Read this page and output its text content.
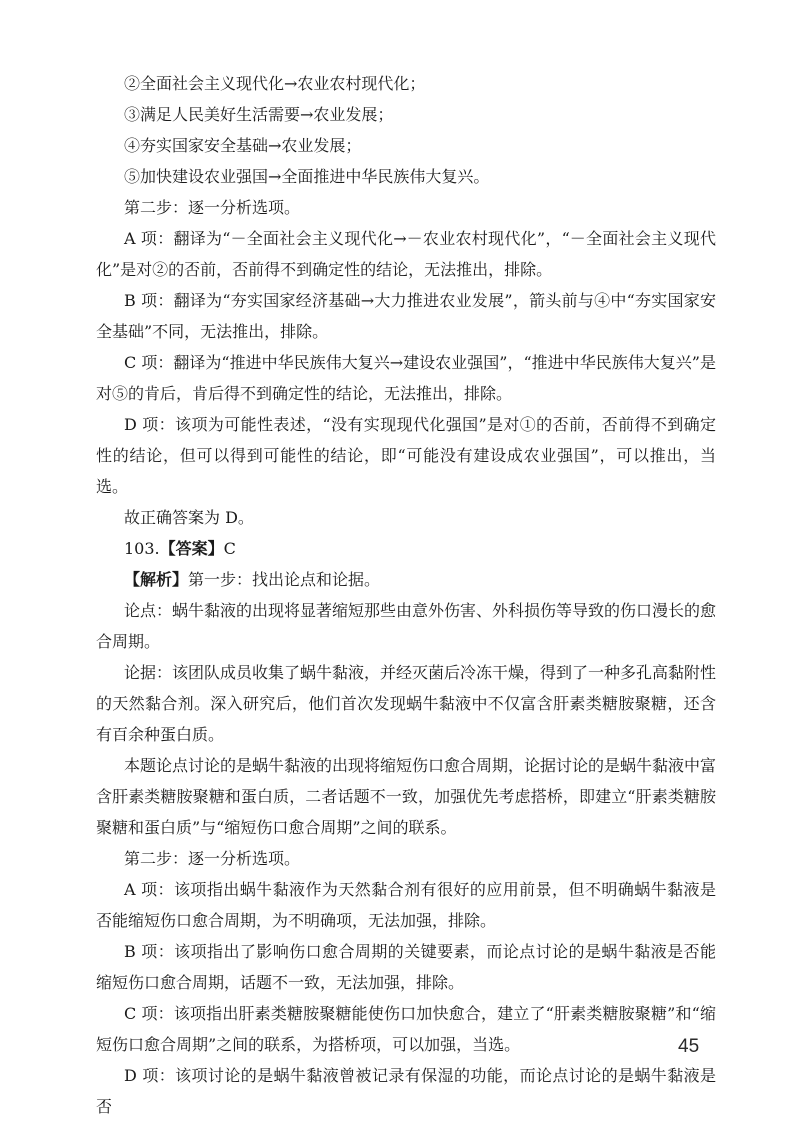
②全面社会主义现代化→农业农村现代化；

③满足人民美好生活需要→农业发展；

④夯实国家安全基础→农业发展；

⑤加快建设农业强国→全面推进中华民族伟大复兴。

第二步：逐一分析选项。

A 项：翻译为“－全面社会主义现代化→－农业农村现代化”，“－全面社会主义现代化”是对②的否前，否前得不到确定性的结论，无法推出，排除。

B 项：翻译为“夯实国家经济基础→大力推进农业发展”，箭头前与④中“夯实国家安全基础”不同，无法推出，排除。

C 项：翻译为“推进中华民族伟大复兴→建设农业强国”，“推进中华民族伟大复兴”是对⑤的肯后，肯后得不到确定性的结论，无法推出，排除。

D 项：该项为可能性表述，“没有实现现代化强国”是对①的否前，否前得不到确定性的结论，但可以得到可能性的结论，即“可能没有建设成农业强国”，可以推出，当选。

故正确答案为 D。

103.【答案】C

【解析】第一步：找出论点和论据。

论点：蜗牛黏液的出现将显著缩短那些由意外伤害、外科损伤等导致的伤口漫长的愈合周期。

论据：该团队成员收集了蜗牛黏液，并经灭菌后冷冻干燥，得到了一种多孔高黏附性的天然黏合剂。深入研究后，他们首次发现蜗牛黏液中不仅富含肝素类糖胺聚糖，还含有百余种蛋白质。

本题论点讨论的是蜗牛黏液的出现将缩短伤口愈合周期，论据讨论的是蜗牛黏液中富含肝素类糖胺聚糖和蛋白质，二者话题不一致，加强优先考虑搭桥，即建立“肝素类糖胺聚糖和蛋白质”与“缩短伤口愈合周期”之间的联系。

第二步：逐一分析选项。

A 项：该项指出蜗牛黏液作为天然黏合剂有很好的应用前景，但不明确蜗牛黏液是否能缩短伤口愈合周期，为不明确项，无法加强，排除。

B 项：该项指出了影响伤口愈合周期的关键要素，而论点讨论的是蜗牛黏液是否能缩短伤口愈合周期，话题不一致，无法加强，排除。

C 项：该项指出肝素类糖胺聚糖能使伤口加快愈合，建立了“肝素类糖胺聚糖”和“缩短伤口愈合周期”之间的联系，为搭桥项，可以加强，当选。

D 项：该项讨论的是蜗牛黏液曾被记录有保湿的功能，而论点讨论的是蜗牛黏液是否

45
